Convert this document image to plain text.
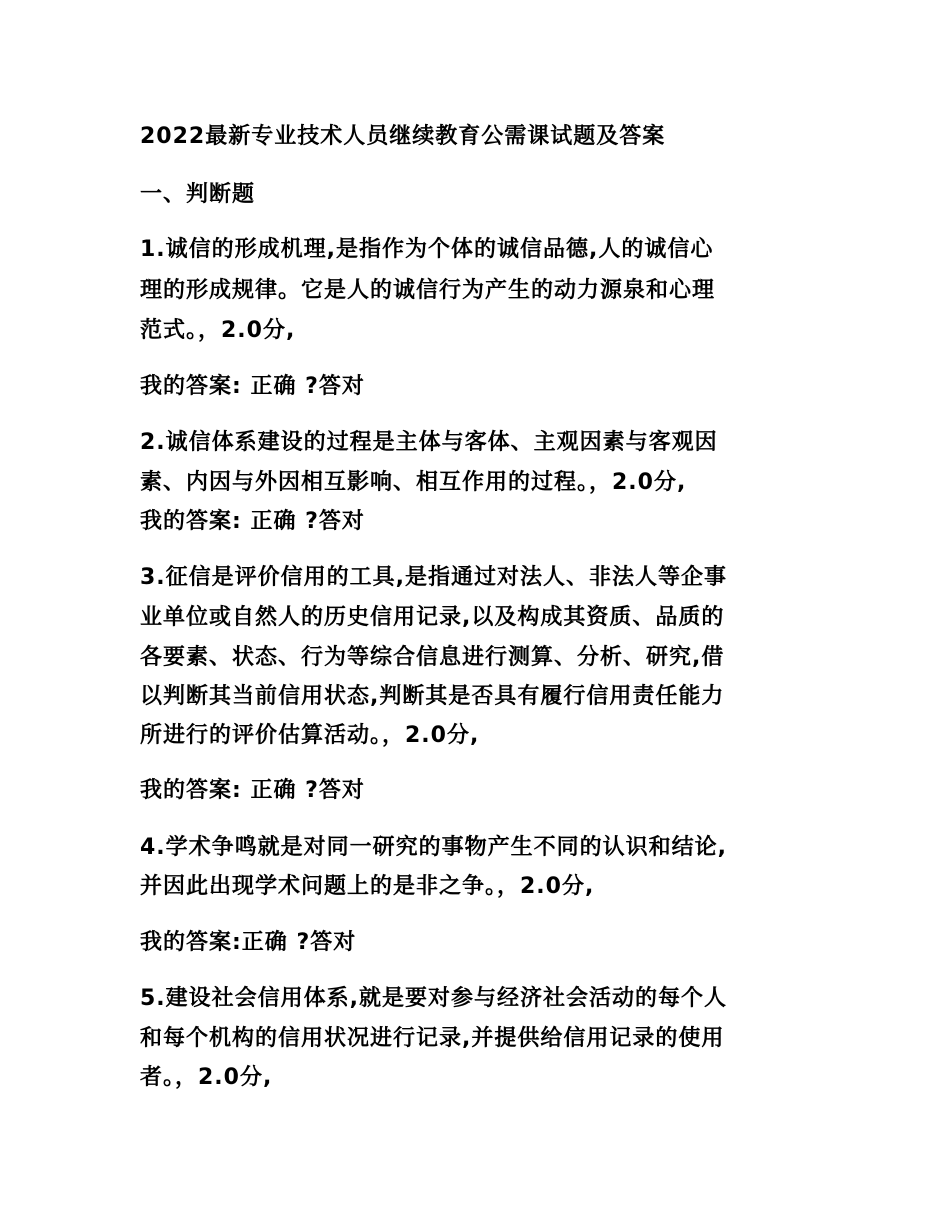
2022最新专业技术人员继续教育公需课试题及答案

一、判断题

1.诚信的形成机理,是指作为个体的诚信品德,人的诚信心

理的形成规律。它是人的诚信行为产生的动力源泉和心理

范式。，2.0分,

我的答案: 正确 ?答对

2.诚信体系建设的过程是主体与客体、主观因素与客观因

素、内因与外因相互影响、相互作用的过程。，2.0分,

我的答案: 正确 ?答对

3.征信是评价信用的工具,是指通过对法人、非法人等企事

业单位或自然人的历史信用记录,以及构成其资质、品质的

各要素、状态、行为等综合信息进行测算、分析、研究,借

以判断其当前信用状态,判断其是否具有履行信用责任能力

所进行的评价估算活动。，2.0分,

我的答案: 正确 ?答对

4.学术争鸣就是对同一研究的事物产生不同的认识和结论,

并因此出现学术问题上的是非之争。，2.0分,

我的答案:正确 ?答对

5.建设社会信用体系,就是要对参与经济社会活动的每个人

和每个机构的信用状况进行记录,并提供给信用记录的使用

者。，2.0分,
